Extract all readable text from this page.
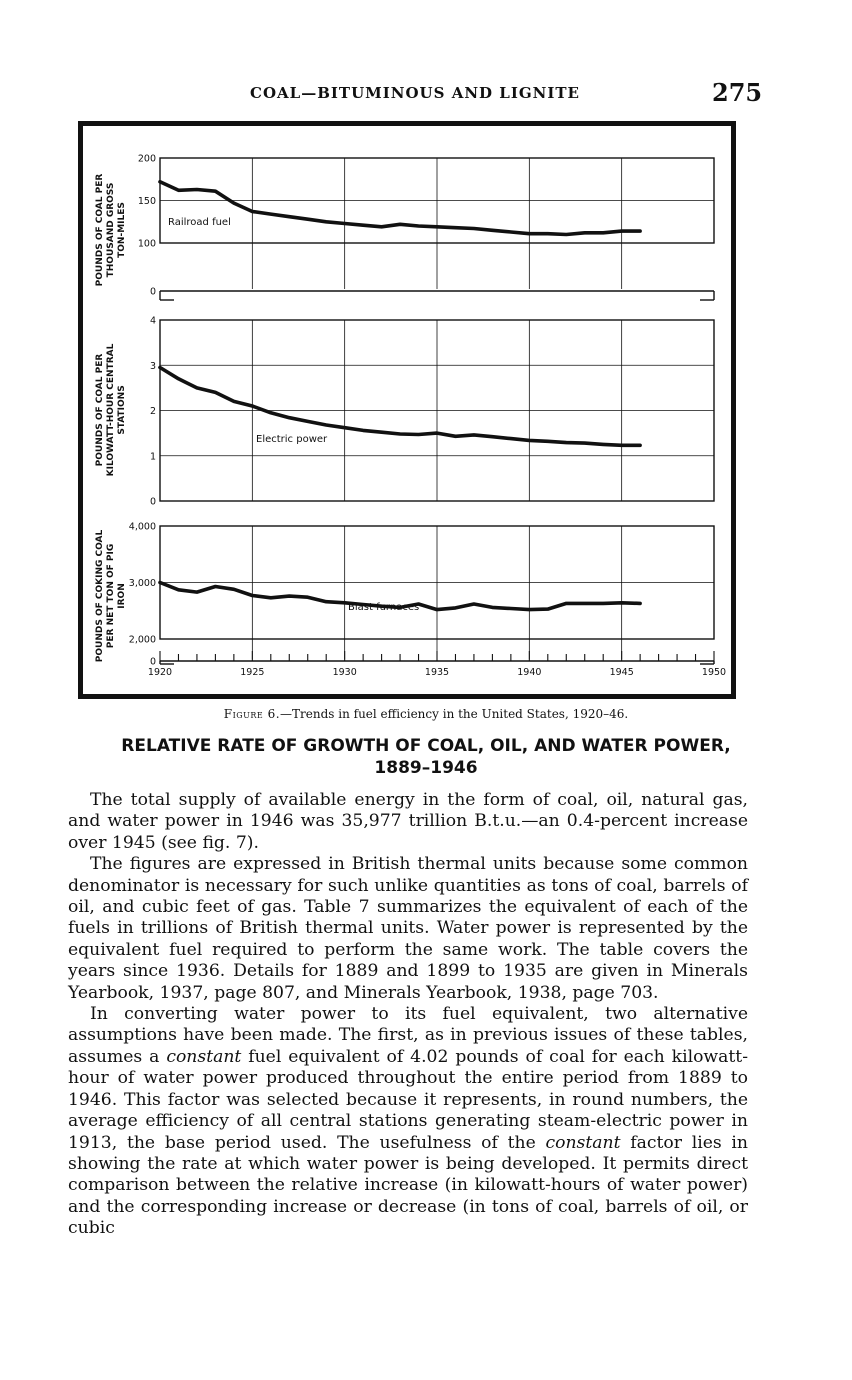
COAL—BITUMINOUS AND LIGNITE	275
0
100
150
200
POUNDS OF COAL PERTHOUSAND GROSSTON-MILES	Railroad fuel
0
1
2
3
4
POUNDS OF COAL PERKILOWATT-HOUR CENTRALSTATIONS
Electric power
0
2,000
3,000
4,000
POUNDS OF COKING COALPER NET TON OF PIGIRON	Blast furnaces
1920	1925	1930	1935	1940	1945	1950
Figure 6.—Trends in fuel efficiency in the United States, 1920–46.
RELATIVE RATE OF GROWTH OF COAL, OIL, AND WATER POWER,
1889–1946

The total supply of available energy in the form of coal, oil, natural gas, and water power in 1946 was 35,977 trillion B.t.u.—an 0.4-percent increase over 1945 (see fig. 7).

The figures are expressed in British thermal units because some common denominator is necessary for such unlike quantities as tons of coal, barrels of oil, and cubic feet of gas. Table 7 summarizes the equivalent of each of the fuels in trillions of British thermal units. Water power is represented by the equivalent fuel required to perform the same work. The table covers the years since 1936. Details for 1889 and 1899 to 1935 are given in Minerals Yearbook, 1937, page 807, and Minerals Yearbook, 1938, page 703.

In converting water power to its fuel equivalent, two alternative assumptions have been made. The first, as in previous issues of these tables, assumes a constant fuel equivalent of 4.02 pounds of coal for each kilowatt-hour of water power produced throughout the entire period from 1889 to 1946. This factor was selected because it represents, in round numbers, the average efficiency of all central stations generating steam-electric power in 1913, the base period used. The usefulness of the constant factor lies in showing the rate at which water power is being developed. It permits direct comparison between the relative increase (in kilowatt-hours of water power) and the corresponding increase or decrease (in tons of coal, barrels of oil, or cubic
